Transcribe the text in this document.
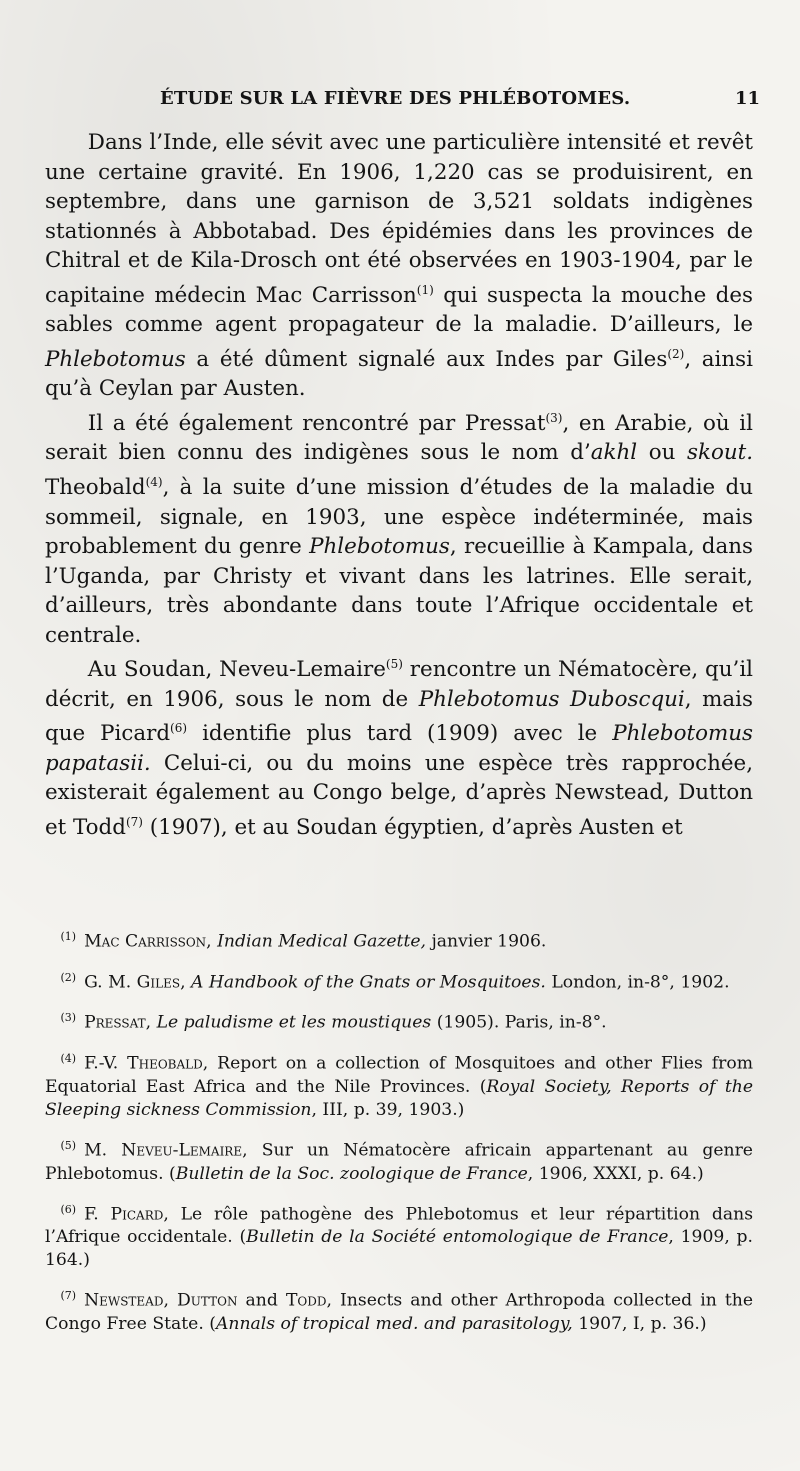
ÉTUDE SUR LA FIÈVRE DES PHLÉBOTOMES.	11

Dans l’Inde, elle sévit avec une particulière intensité et revêt une certaine gravité. En 1906, 1,220 cas se produisirent, en septembre, dans une garnison de 3,521 soldats indigènes stationnés à Abbotabad. Des épidémies dans les provinces de Chitral et de Kila-Drosch ont été observées en 1903-1904, par le capitaine médecin Mac Carrisson$^{(1)}$ qui suspecta la mouche des sables comme agent propagateur de la maladie. D’ailleurs, le Phlebotomus a été dûment signalé aux Indes par Giles$^{(2)}$, ainsi qu’à Ceylan par Austen.

Il a été également rencontré par Pressat$^{(3)}$, en Arabie, où il serait bien connu des indigènes sous le nom d’akhl ou skout. Theobald$^{(4)}$, à la suite d’une mission d’études de la maladie du sommeil, signale, en 1903, une espèce indéterminée, mais probablement du genre Phlebotomus, recueillie à Kampala, dans l’Uganda, par Christy et vivant dans les latrines. Elle serait, d’ailleurs, très abondante dans toute l’Afrique occidentale et centrale.

Au Soudan, Neveu-Lemaire$^{(5)}$ rencontre un Nématocère, qu’il décrit, en 1906, sous le nom de Phlebotomus Duboscqui, mais que Picard$^{(6)}$ identifie plus tard (1909) avec le Phlebotomus papatasii. Celui-ci, ou du moins une espèce très rapprochée, existerait également au Congo belge, d’après Newstead, Dutton et Todd$^{(7)}$ (1907), et au Soudan égyptien, d’après Austen et

$^{(1)}$ Mac Carrisson, Indian Medical Gazette, janvier 1906.

$^{(2)}$ G. M. Giles, A Handbook of the Gnats or Mosquitoes. London, in-8°, 1902.

$^{(3)}$ Pressat, Le paludisme et les moustiques (1905). Paris, in-8°.

$^{(4)}$ F.-V. Theobald, Report on a collection of Mosquitoes and other Flies from Equatorial East Africa and the Nile Provinces. (Royal Society, Reports of the Sleeping sickness Commission, III, p. 39, 1903.)

$^{(5)}$ M. Neveu-Lemaire, Sur un Nématocère africain appartenant au genre Phlebotomus. (Bulletin de la Soc. zoologique de France, 1906, XXXI, p. 64.)

$^{(6)}$ F. Picard, Le rôle pathogène des Phlebotomus et leur répartition dans l’Afrique occidentale. (Bulletin de la Société entomologique de France, 1909, p. 164.)

$^{(7)}$ Newstead, Dutton and Todd, Insects and other Arthropoda collected in the Congo Free State. (Annals of tropical med. and parasitology, 1907, I, p. 36.)
